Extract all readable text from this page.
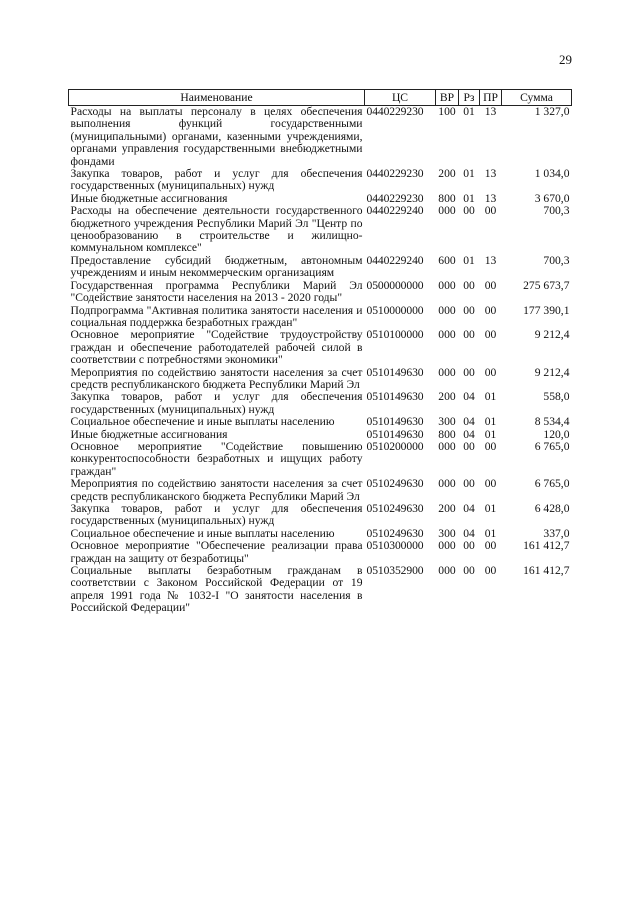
29
Наименование	ЦС	ВР	Рз	ПР	Сумма
Расходы на выплаты персоналу в целях обеспечения выполнения функций государственными (муниципальными) органами, казенными учреждениями, органами управления государственными внебюджетными фондами	0440229230	100	01	13	1 327,0
Закупка товаров, работ и услуг для обеспечения государственных (муниципальных) нужд	0440229230	200	01	13	1 034,0
Иные бюджетные ассигнования	0440229230	800	01	13	3 670,0
Расходы на обеспечение деятельности государственного бюджетного учреждения Республики Марий Эл "Центр по ценообразованию в строительстве и жилищно-коммунальном комплексе"	0440229240	000	00	00	700,3
Предоставление субсидий бюджетным, автономным учреждениям и иным некоммерческим организациям	0440229240	600	01	13	700,3
Государственная программа Республики Марий Эл "Содействие занятости населения на 2013 - 2020 годы"	0500000000	000	00	00	275 673,7
Подпрограмма "Активная политика занятости населения и социальная поддержка безработных граждан"	0510000000	000	00	00	177 390,1
Основное мероприятие "Содействие трудоустройству граждан и обеспечение работодателей рабочей силой в соответствии с потребностями экономики"	0510100000	000	00	00	9 212,4
Мероприятия по содействию занятости населения за счет средств республиканского бюджета Республики Марий Эл	0510149630	000	00	00	9 212,4
Закупка товаров, работ и услуг для обеспечения государственных (муниципальных) нужд	0510149630	200	04	01	558,0
Социальное обеспечение и иные выплаты населению	0510149630	300	04	01	8 534,4
Иные бюджетные ассигнования	0510149630	800	04	01	120,0
Основное мероприятие "Содействие повышению конкурентоспособности безработных и ищущих работу граждан"	0510200000	000	00	00	6 765,0
Мероприятия по содействию занятости населения за счет средств республиканского бюджета Республики Марий Эл	0510249630	000	00	00	6 765,0
Закупка товаров, работ и услуг для обеспечения государственных (муниципальных) нужд	0510249630	200	04	01	6 428,0
Социальное обеспечение и иные выплаты населению	0510249630	300	04	01	337,0
Основное мероприятие "Обеспечение реализации права граждан на защиту от безработицы"	0510300000	000	00	00	161 412,7
Социальные выплаты безработным гражданам в соответствии с Законом Российской Федерации от 19 апреля 1991 года № 1032-I "О занятости населения в Российской Федерации"	0510352900	000	00	00	161 412,7
